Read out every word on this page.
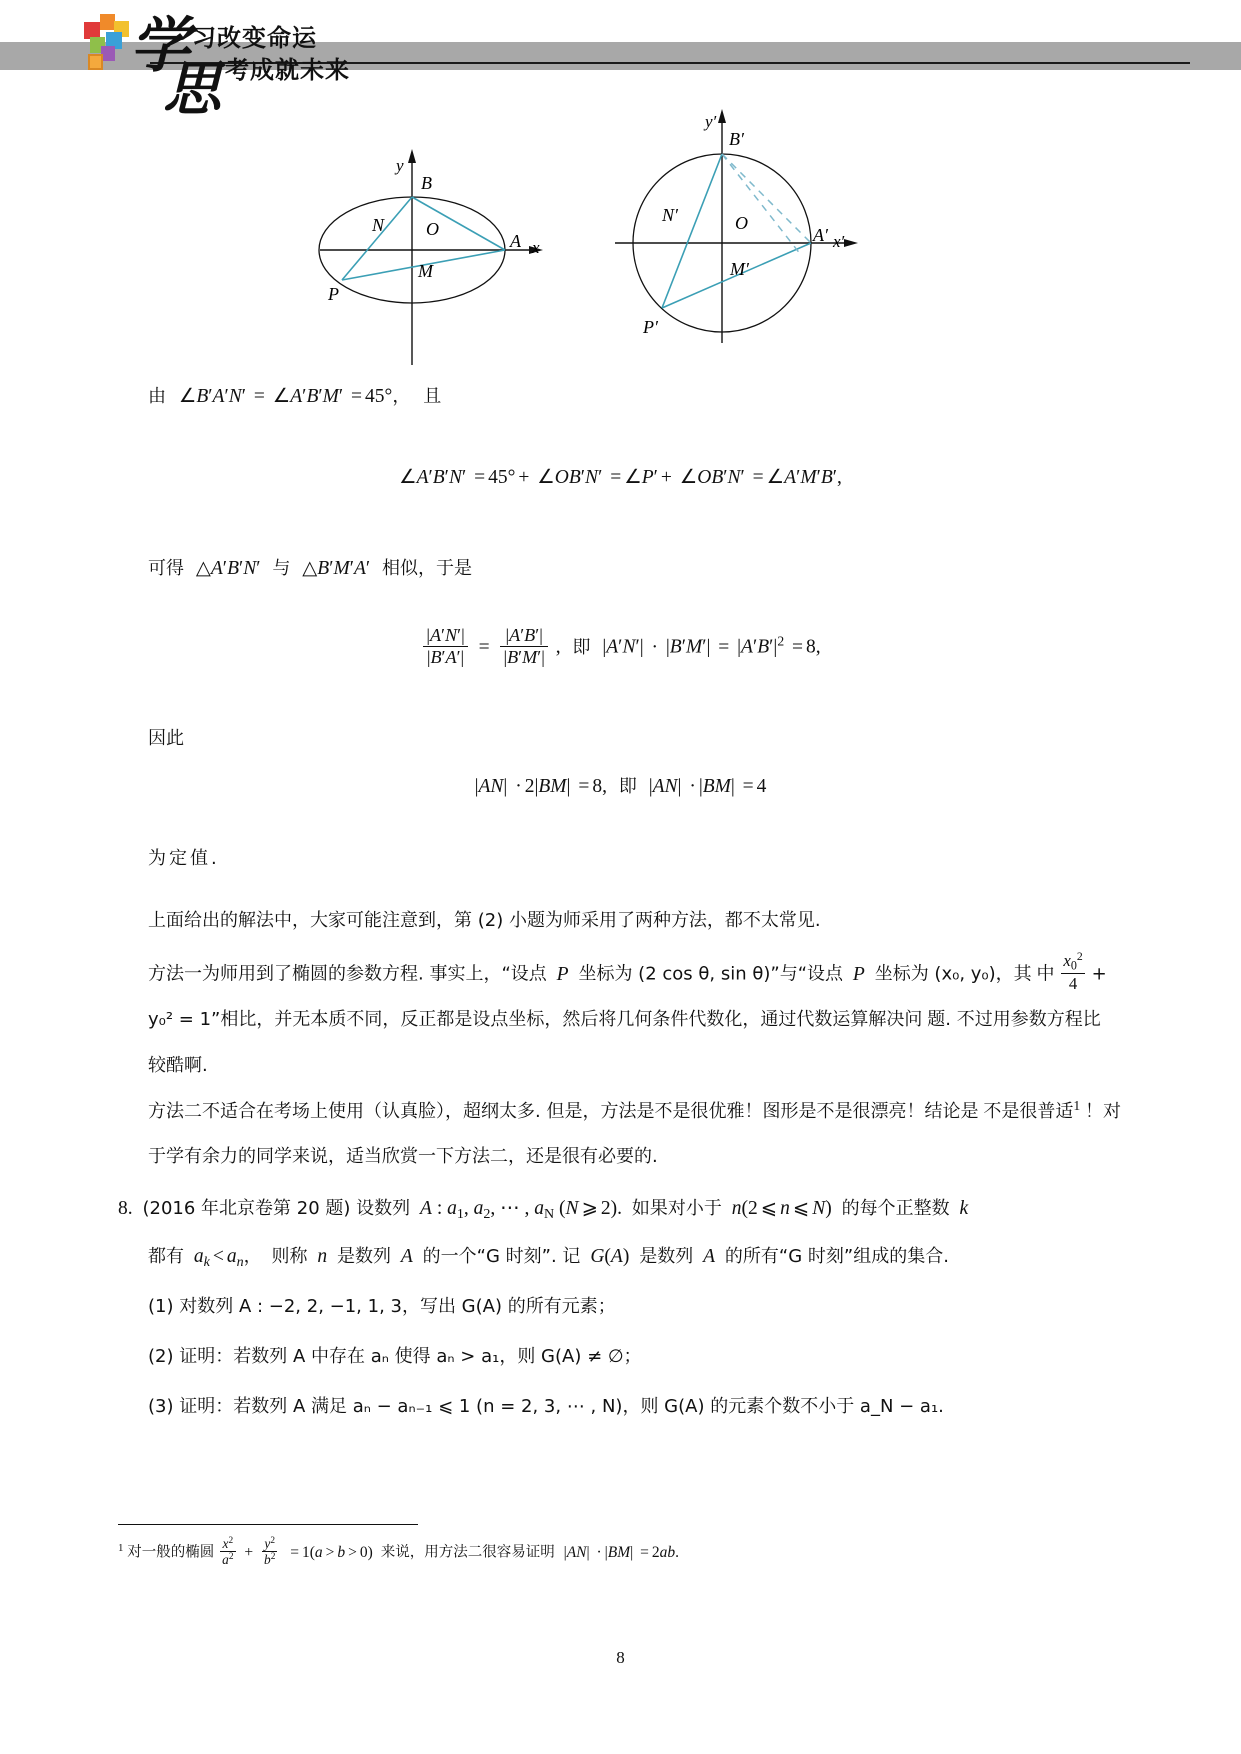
学
思
习改变命运
考成就未来
y
B
N O
A x
P
M
y′
B′
N′	O
A′ x′
P′
M′
由 ∠B′A′N′ = ∠A′B′M′ = 45°， 且
∠A′B′N′ = 45° + ∠OB′N′ = ∠P′ + ∠OB′N′ = ∠A′M′B′,
可得 △A′B′N′ 与 △B′M′A′ 相似，于是
$\frac{|A'N'|}{|B'A'|} = \frac{|A'B'|}{|B'M'|}$ , 即 $|A'N'| \cdot |B'M'| = |A'B'|^2 = 8$,
因此
|AN| · 2|BM| = 8, 即 |AN| · |BM| = 4
为定值.
上面给出的解法中，大家可能注意到，第 (2) 小题为师采用了两种方法，都不太常见.
方法一为师用到了椭圆的参数方程. 事实上，“设点 P 坐标为 (2 cos θ, sin θ)”与“设点 P 坐标为 (x₀, y₀)，其 中 $\frac{x_0^2}{4} + y_0^2 = 1$”相比，并无本质不同，反正都是设点坐标，然后将几何条件代数化，通过代数运算解决问 题. 不过用参数方程比较酷啊.
方法二不适合在考场上使用（认真脸），超纲太多. 但是，方法是不是很优雅！图形是不是很漂亮！结论是 不是很普适$^1$ ！对于学有余力的同学来说，适当欣赏一下方法二，还是很有必要的.
8. (2016 年北京卷第 20 题) 设数列 A : $a_1$, $a_2$, ⋯ , $a_N$ (N ⩾ 2). 如果对小于 n(2 ⩽ n ⩽ N) 的每个正整数 k
都有 $a_k < a_n$， 则称 n 是数列 A 的一个“G 时刻”. 记 G(A) 是数列 A 的所有“G 时刻”组成的集合.
(1) 对数列 A : −2, 2, −1, 1, 3，写出 G(A) 的所有元素；
(2) 证明：若数列 A 中存在 aₙ 使得 aₙ > a₁，则 G(A) ≠ ∅；
(3) 证明：若数列 A 满足 aₙ − aₙ₋₁ ⩽ 1 (n = 2, 3, ⋯ , N)，则 G(A) 的元素个数不小于 a_N − a₁.
$^1$ 对一般的椭圆 $\frac{x^2}{a^2} + \frac{y^2}{b^2} = 1(a > b > 0)$ 来说，用方法二很容易证明 |AN| · |BM| = 2ab.
8
